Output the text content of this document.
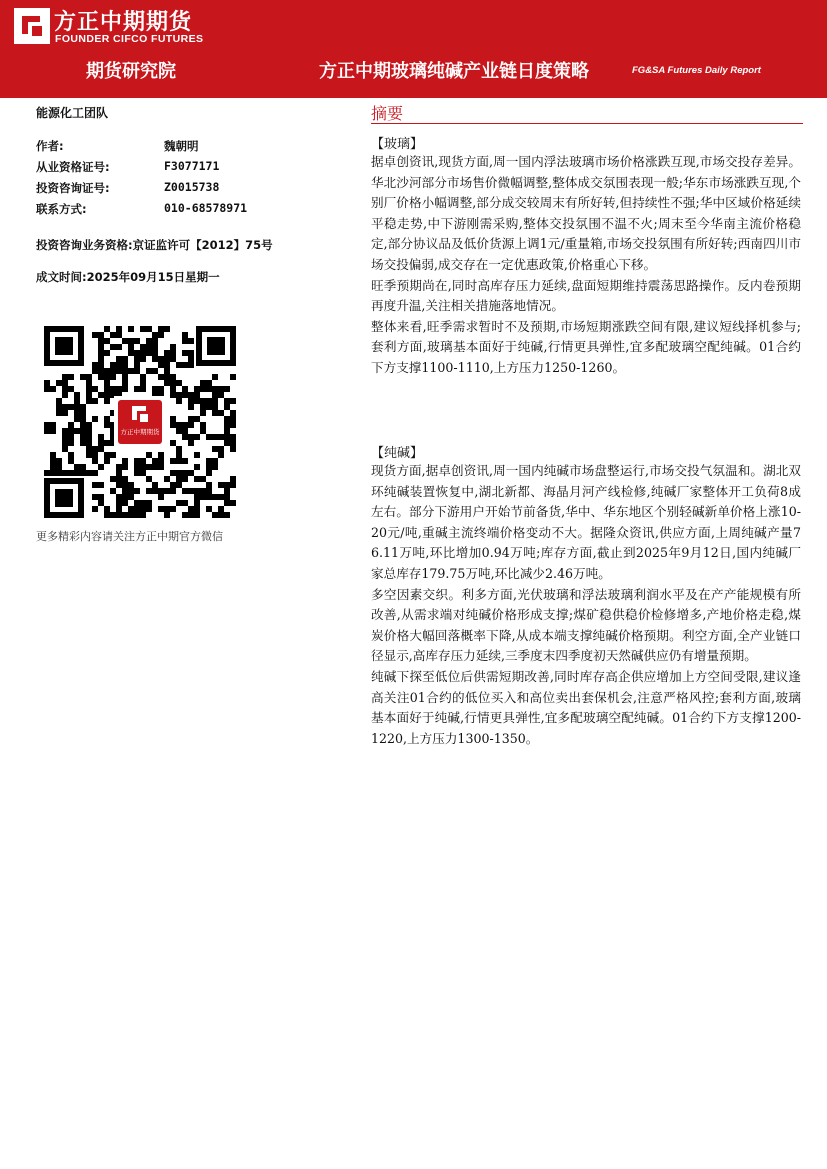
方正中期期货
FOUNDER CIFCO FUTURES
期货研究院	方正中期玻璃纯碱产业链日度策略	FG&SA Futures Daily Report
能源化工团队
作者:	魏朝明
从业资格证号:	F3077171
投资咨询证号:	Z0015738
联系方式:	010-68578971
投资咨询业务资格:京证监许可【2012】75号
成文时间:2025年09月15日星期一
方正中期期货
更多精彩内容请关注方正中期官方微信
摘要
【玻璃】

据卓创资讯,现货方面,周一国内浮法玻璃市场价格涨跌互现,市场交投存差异。华北沙河部分市场售价微幅调整,整体成交氛围表现一般;华东市场涨跌互现,个别厂价格小幅调整,部分成交较周末有所好转,但持续性不强;华中区域价格延续平稳走势,中下游刚需采购,整体交投氛围不温不火;周末至今华南主流价格稳定,部分协议品及低价货源上调1元/重量箱,市场交投氛围有所好转;西南四川市场交投偏弱,成交存在一定优惠政策,价格重心下移。

旺季预期尚在,同时高库存压力延续,盘面短期维持震荡思路操作。反内卷预期再度升温,关注相关措施落地情况。

整体来看,旺季需求暂时不及预期,市场短期涨跌空间有限,建议短线择机参与;套利方面,玻璃基本面好于纯碱,行情更具弹性,宜多配玻璃空配纯碱。01合约下方支撑1100-1110,上方压力1250-1260。

【纯碱】

现货方面,据卓创资讯,周一国内纯碱市场盘整运行,市场交投气氛温和。湖北双环纯碱装置恢复中,湖北新都、海晶月河产线检修,纯碱厂家整体开工负荷8成左右。部分下游用户开始节前备货,华中、华东地区个别轻碱新单价格上涨10-20元/吨,重碱主流终端价格变动不大。据隆众资讯,供应方面,上周纯碱产量76.11万吨,环比增加0.94万吨;库存方面,截止到2025年9月12日,国内纯碱厂家总库存179.75万吨,环比减少2.46万吨。

多空因素交织。利多方面,光伏玻璃和浮法玻璃利润水平及在产产能规模有所改善,从需求端对纯碱价格形成支撑;煤矿稳供稳价检修增多,产地价格走稳,煤炭价格大幅回落概率下降,从成本端支撑纯碱价格预期。利空方面,全产业链口径显示,高库存压力延续,三季度末四季度初天然碱供应仍有增量预期。

纯碱下探至低位后供需短期改善,同时库存高企供应增加上方空间受限,建议逢高关注01合约的低位买入和高位卖出套保机会,注意严格风控;套利方面,玻璃基本面好于纯碱,行情更具弹性,宜多配玻璃空配纯碱。01合约下方支撑1200-1220,上方压力1300-1350。
